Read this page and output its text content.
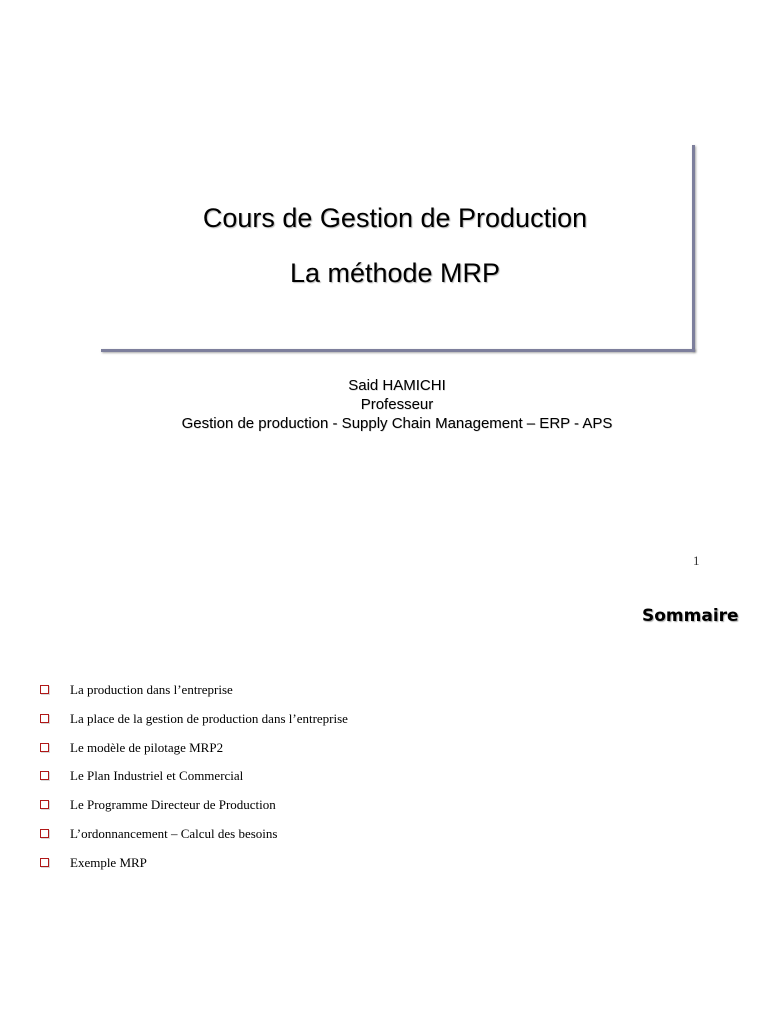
Cours de Gestion de Production
La méthode MRP
Said HAMICHI
Professeur
Gestion de production - Supply Chain Management – ERP - APS
1
Sommaire
La production dans l’entreprise
La place de la gestion de production dans l’entreprise
Le modèle de pilotage MRP2
Le Plan Industriel et Commercial
Le Programme Directeur de Production
L’ordonnancement – Calcul des besoins
Exemple MRP
